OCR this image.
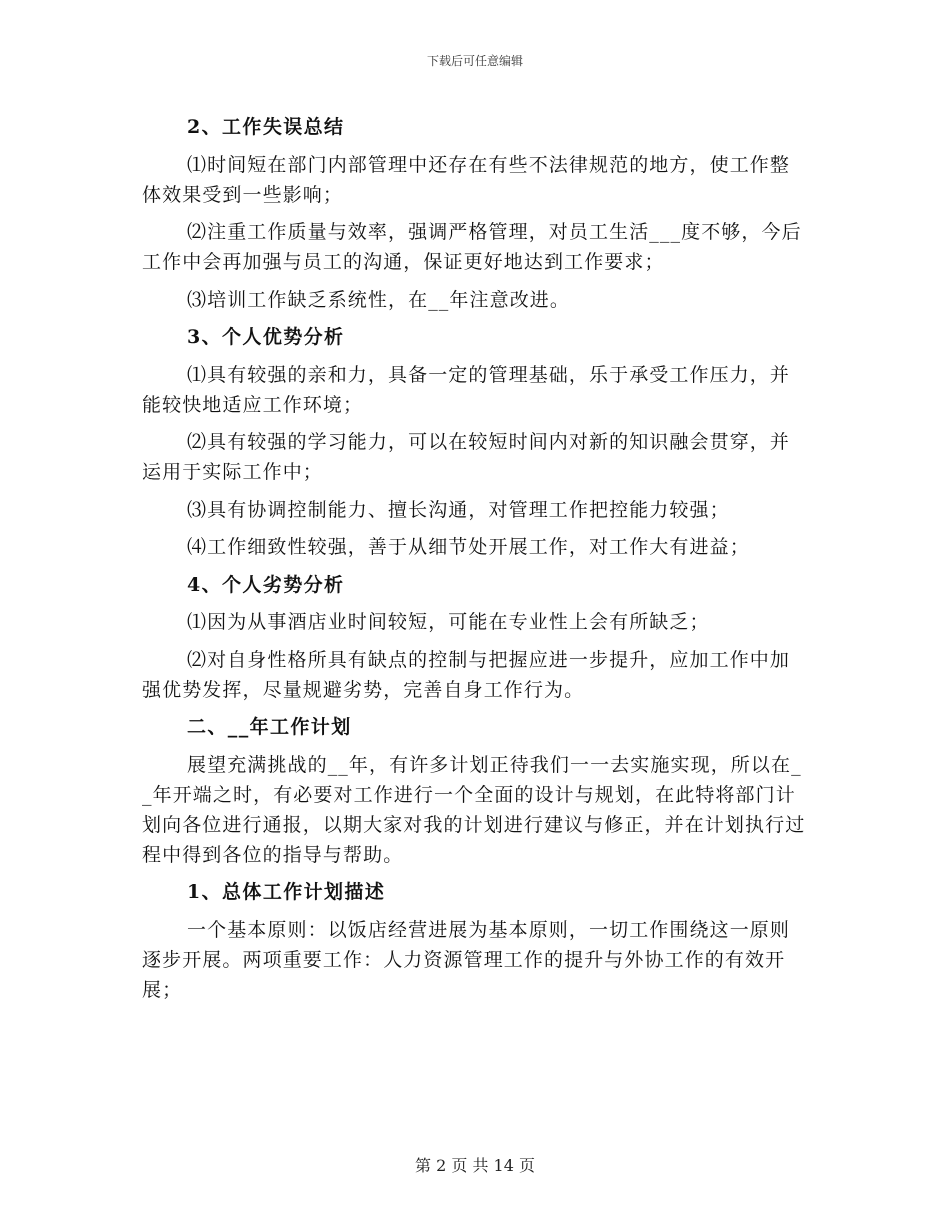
下载后可任意编辑

2、工作失误总结

⑴时间短在部门内部管理中还存在有些不法律规范的地方，使工作整体效果受到一些影响；

⑵注重工作质量与效率，强调严格管理，对员工生活___度不够，今后工作中会再加强与员工的沟通，保证更好地达到工作要求；

⑶培训工作缺乏系统性，在__年注意改进。

3、个人优势分析

⑴具有较强的亲和力，具备一定的管理基础，乐于承受工作压力，并能较快地适应工作环境；

⑵具有较强的学习能力，可以在较短时间内对新的知识融会贯穿，并运用于实际工作中；

⑶具有协调控制能力、擅长沟通，对管理工作把控能力较强；

⑷工作细致性较强，善于从细节处开展工作，对工作大有进益；

4、个人劣势分析

⑴因为从事酒店业时间较短，可能在专业性上会有所缺乏；

⑵对自身性格所具有缺点的控制与把握应进一步提升，应加工作中加强优势发挥，尽量规避劣势，完善自身工作行为。

二、__年工作计划

展望充满挑战的__年，有许多计划正待我们一一去实施实现，所以在__年开端之时，有必要对工作进行一个全面的设计与规划，在此特将部门计划向各位进行通报，以期大家对我的计划进行建议与修正，并在计划执行过程中得到各位的指导与帮助。

1、总体工作计划描述

一个基本原则：以饭店经营进展为基本原则，一切工作围绕这一原则逐步开展。两项重要工作：人力资源管理工作的提升与外协工作的有效开展；

第 2 页 共 14 页
